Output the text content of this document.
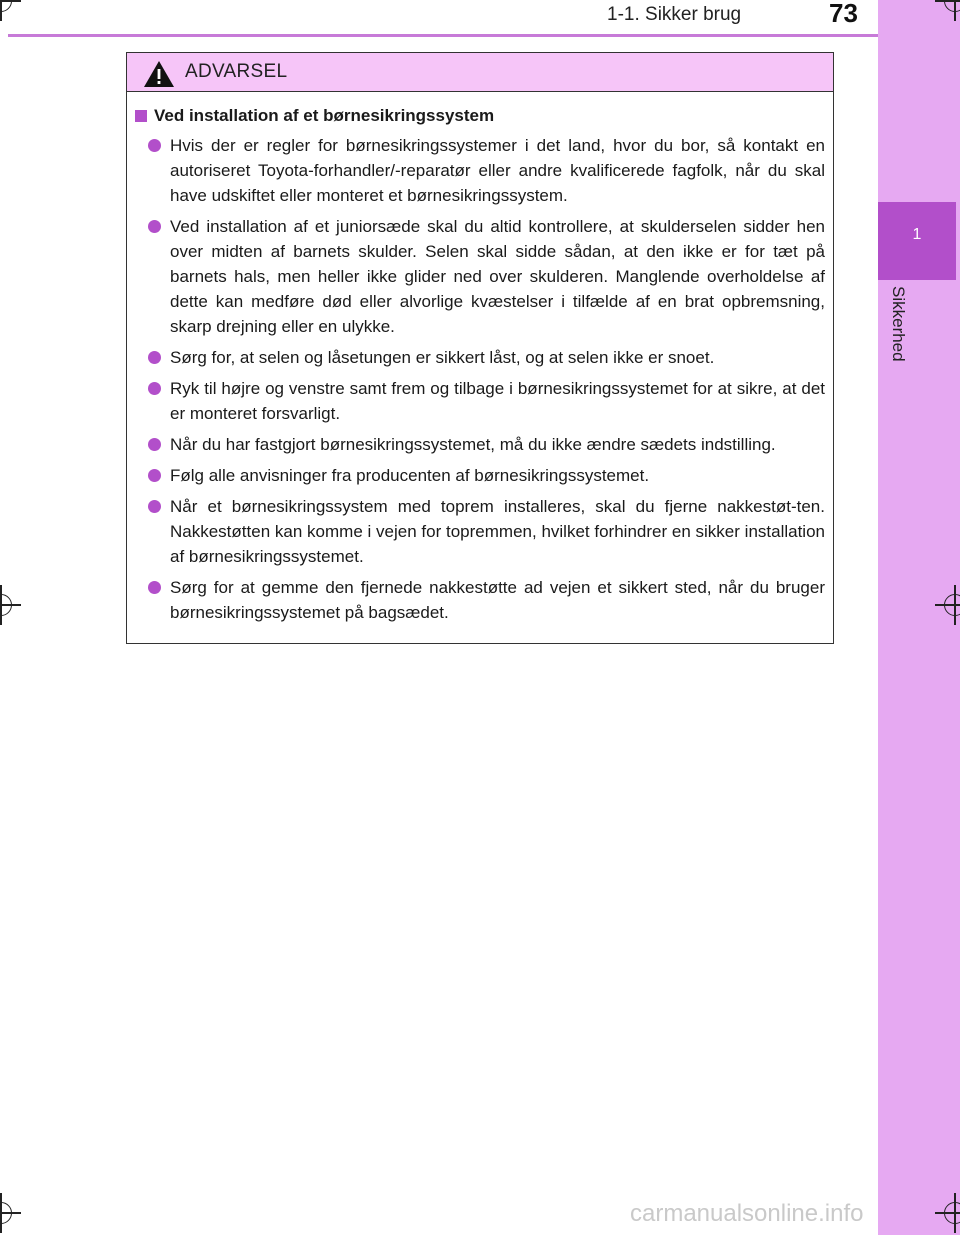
1-1. Sikker brug	73
1
Sikkerhed
ADVARSEL
Ved installation af et børnesikringssystem
Hvis der er regler for børnesikringssystemer i det land, hvor du bor, så kontakt en autoriseret Toyota-forhandler/-reparatør eller andre kvalificerede fagfolk, når du skal have udskiftet eller monteret et børnesikringssystem.
Ved installation af et juniorsæde skal du altid kontrollere, at skulderselen sidder hen over midten af barnets skulder. Selen skal sidde sådan, at den ikke er for tæt på barnets hals, men heller ikke glider ned over skulderen. Manglende overholdelse af dette kan medføre død eller alvorlige kvæstelser i tilfælde af en brat opbremsning, skarp drejning eller en ulykke.
Sørg for, at selen og låsetungen er sikkert låst, og at selen ikke er snoet.
Ryk til højre og venstre samt frem og tilbage i børnesikringssystemet for at sikre, at det er monteret forsvarligt.
Når du har fastgjort børnesikringssystemet, må du ikke ændre sædets indstilling.
Følg alle anvisninger fra producenten af børnesikringssystemet.
Når et børnesikringssystem med toprem installeres, skal du fjerne nakkestøt-ten. Nakkestøtten kan komme i vejen for topremmen, hvilket forhindrer en sikker installation af børnesikringssystemet.
Sørg for at gemme den fjernede nakkestøtte ad vejen et sikkert sted, når du bruger børnesikringssystemet på bagsædet.
carmanualsonline.info
